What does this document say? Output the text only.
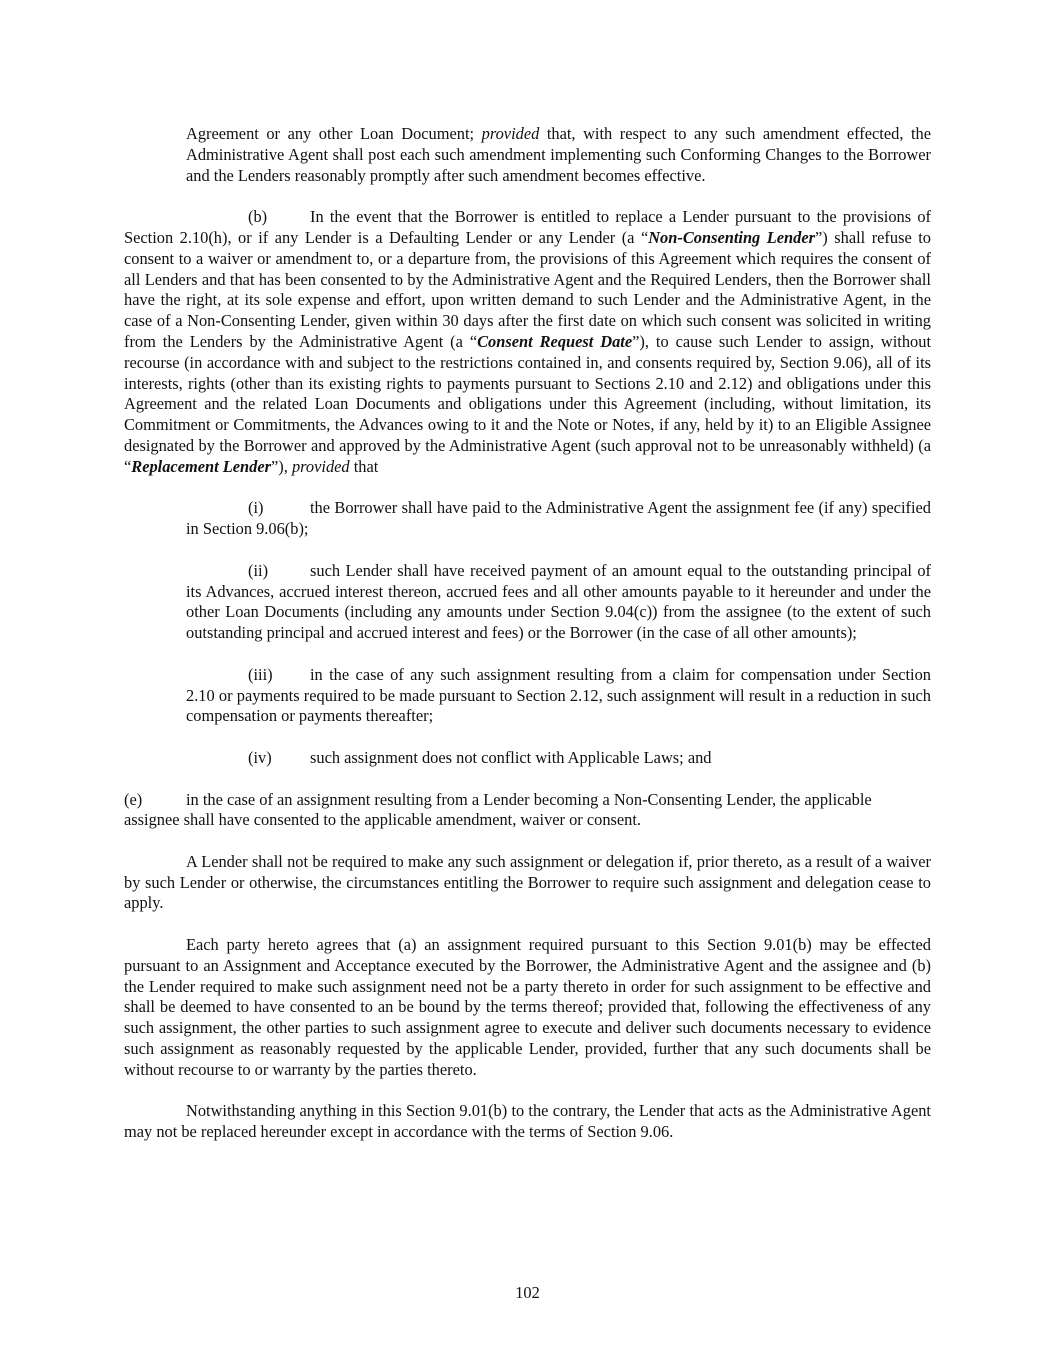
Agreement or any other Loan Document; provided that, with respect to any such amendment effected, the Administrative Agent shall post each such amendment implementing such Conforming Changes to the Borrower and the Lenders reasonably promptly after such amendment becomes effective.

(b)	In the event that the Borrower is entitled to replace a Lender pursuant to the provisions of Section 2.10(h), or if any Lender is a Defaulting Lender or any Lender (a “Non-Consenting Lender”) shall refuse to consent to a waiver or amendment to, or a departure from, the provisions of this Agreement which requires the consent of all Lenders and that has been consented to by the Administrative Agent and the Required Lenders, then the Borrower shall have the right, at its sole expense and effort, upon written demand to such Lender and the Administrative Agent, in the case of a Non-Consenting Lender, given within 30 days after the first date on which such consent was solicited in writing from the Lenders by the Administrative Agent (a “Consent Request Date”), to cause such Lender to assign, without recourse (in accordance with and subject to the restrictions contained in, and consents required by, Section 9.06), all of its interests, rights (other than its existing rights to payments pursuant to Sections 2.10 and 2.12) and obligations under this Agreement and the related Loan Documents and obligations under this Agreement (including, without limitation, its Commitment or Commitments, the Advances owing to it and the Note or Notes, if any, held by it) to an Eligible Assignee designated by the Borrower and approved by the Administrative Agent (such approval not to be unreasonably withheld) (a “Replacement Lender”), provided that

(i)	the Borrower shall have paid to the Administrative Agent the assignment fee (if any) specified in Section 9.06(b);

(ii)	such Lender shall have received payment of an amount equal to the outstanding principal of its Advances, accrued interest thereon, accrued fees and all other amounts payable to it hereunder and under the other Loan Documents (including any amounts under Section 9.04(c)) from the assignee (to the extent of such outstanding principal and accrued interest and fees) or the Borrower (in the case of all other amounts);

(iii) in the case of any such assignment resulting from a claim for compensation under Section 2.10 or payments required to be made pursuant to Section 2.12, such assignment will result in a reduction in such compensation or payments thereafter;

(iv) such assignment does not conflict with Applicable Laws; and

(e)	in the case of an assignment resulting from a Lender becoming a Non-Consenting Lender, the applicable assignee shall have consented to the applicable amendment, waiver or consent.

A Lender shall not be required to make any such assignment or delegation if, prior thereto, as a result of a waiver by such Lender or otherwise, the circumstances entitling the Borrower to require such assignment and delegation cease to apply.

Each party hereto agrees that (a) an assignment required pursuant to this Section 9.01(b) may be effected pursuant to an Assignment and Acceptance executed by the Borrower, the Administrative Agent and the assignee and (b) the Lender required to make such assignment need not be a party thereto in order for such assignment to be effective and shall be deemed to have consented to an be bound by the terms thereof; provided that, following the effectiveness of any such assignment, the other parties to such assignment agree to execute and deliver such documents necessary to evidence such assignment as reasonably requested by the applicable Lender, provided, further that any such documents shall be without recourse to or warranty by the parties thereto.

Notwithstanding anything in this Section 9.01(b) to the contrary, the Lender that acts as the Administrative Agent may not be replaced hereunder except in accordance with the terms of Section 9.06.

102
